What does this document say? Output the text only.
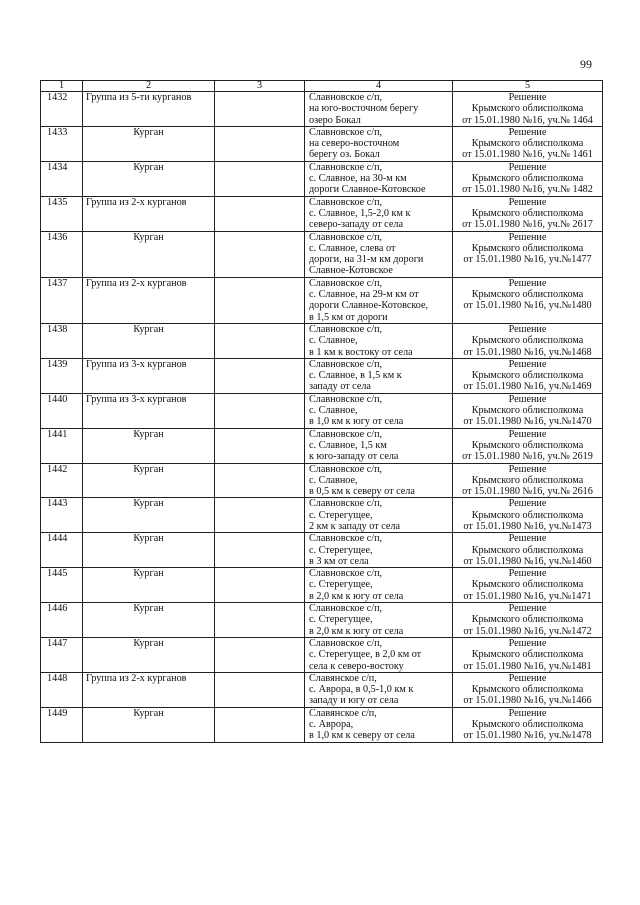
99
1	2	3	4	5
1432	Группа из 5-ти курганов		Славновское с/п,
на юго-восточном берегу
озеро Бокал	Решение
Крымского облисполкома
от 15.01.1980 №16, уч.№ 1464

1433	Курган		Славновское с/п,
на северо-восточном
берегу оз. Бокал	Решение
Крымского облисполкома
от 15.01.1980 №16, уч.№ 1461

1434	Курган		Славновское с/п,
с. Славное, на 30-м км
дороги Славное-Котовское	Решение
Крымского облисполкома
от 15.01.1980 №16, уч.№ 1482

1435	Группа из 2-х курганов		Славновское с/п,
с. Славное, 1,5-2,0 км к
северо-западу от села	Решение
Крымского облисполкома
от 15.01.1980 №16, уч.№ 2617

1436	Курган		Славновское с/п,
с. Славное, слева от
дороги, на 31-м км дороги
Славное-Котовское	Решение
Крымского облисполкома
от 15.01.1980 №16, уч.№1477

1437	Группа из 2-х курганов		Славновское с/п,
с. Славное, на 29-м км от
дороги Славное-Котовское,
в 1,5 км от дороги	Решение
Крымского облисполкома
от 15.01.1980 №16, уч.№1480

1438	Курган		Славновское с/п,
с. Славное,
в 1 км к востоку от села	Решение
Крымского облисполкома
от 15.01.1980 №16, уч.№1468

1439	Группа из 3-х курганов		Славновское с/п,
с. Славное, в 1,5 км к
западу от села	Решение
Крымского облисполкома
от 15.01.1980 №16, уч.№1469

1440	Группа из 3-х курганов		Славновское с/п,
с. Славное,
в 1,0 км к югу от села	Решение
Крымского облисполкома
от 15.01.1980 №16, уч.№1470

1441	Курган		Славновское с/п,
с. Славное, 1,5 км
к юго-западу от села	Решение
Крымского облисполкома
от 15.01.1980 №16, уч.№ 2619

1442	Курган		Славновское с/п,
с. Славное,
в 0,5 км к северу от села	Решение
Крымского облисполкома
от 15.01.1980 №16, уч.№ 2616

1443	Курган		Славновское с/п,
с. Стерегущее,
2 км к западу от села	Решение
Крымского облисполкома
от 15.01.1980 №16, уч.№1473

1444	Курган		Славновское с/п,
с. Стерегущее,
в 3 км от села	Решение
Крымского облисполкома
от 15.01.1980 №16, уч.№1460

1445	Курган		Славновское с/п,
с. Стерегущее,
в 2,0 км к югу от села	Решение
Крымского облисполкома
от 15.01.1980 №16, уч.№1471

1446	Курган		Славновское с/п,
с. Стерегущее,
в 2,0 км к югу от села	Решение
Крымского облисполкома
от 15.01.1980 №16, уч.№1472

1447	Курган		Славновское с/п,
с. Стерегущее, в 2,0 км от
села к северо-востоку	Решение
Крымского облисполкома
от 15.01.1980 №16, уч.№1481

1448	Группа из 2-х курганов		Славянское с/п,
с. Аврора, в 0,5-1,0 км к
западу и югу от села	Решение
Крымского облисполкома
от 15.01.1980 №16, уч.№1466

1449	Курган		Славянское с/п,
с. Аврора,
в 1,0 км к северу от села	Решение
Крымского облисполкома
от 15.01.1980 №16, уч.№1478
